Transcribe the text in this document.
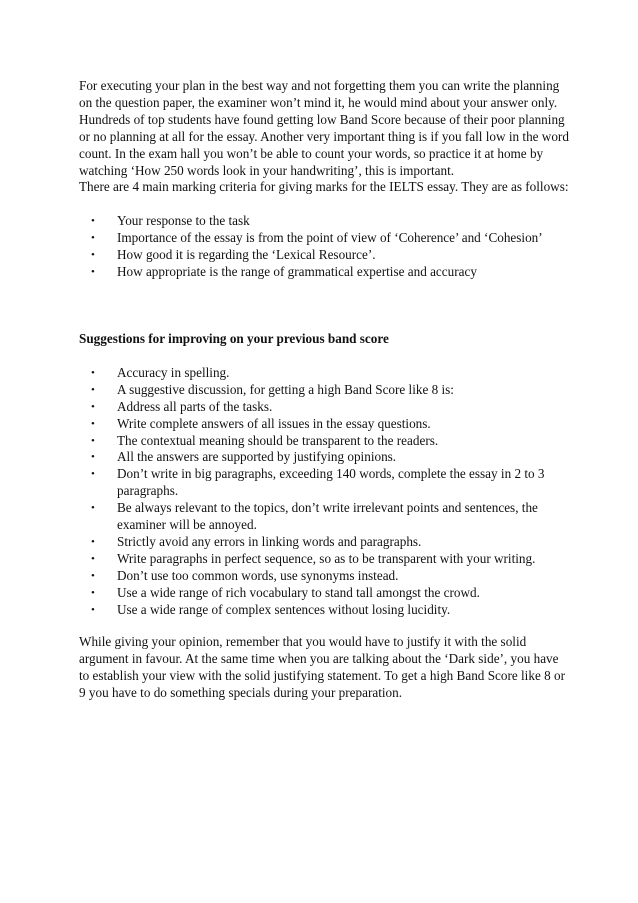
For executing your plan in the best way and not forgetting them you can write the planning on the question paper, the examiner won’t mind it, he would mind about your answer only. Hundreds of top students have found getting low Band Score because of their poor planning or no planning at all for the essay. Another very important thing is if you fall low in the word count. In the exam hall you won’t be able to count your words, so practice it at home by watching ‘How 250 words look in your handwriting’, this is important.

There are 4 main marking criteria for giving marks for the IELTS essay. They are as follows:

• Your response to the task
• Importance of the essay is from the point of view of ‘Coherence’ and ‘Cohesion’
• How good it is regarding the ‘Lexical Resource’.
• How appropriate is the range of grammatical expertise and accuracy

Suggestions for improving on your previous band score

• Accuracy in spelling.
• A suggestive discussion, for getting a high Band Score like 8 is:
• Address all parts of the tasks.
• Write complete answers of all issues in the essay questions.
• The contextual meaning should be transparent to the readers.
• All the answers are supported by justifying opinions.
• Don’t write in big paragraphs, exceeding 140 words, complete the essay in 2 to 3 paragraphs.
• Be always relevant to the topics, don’t write irrelevant points and sentences, the examiner will be annoyed.
• Strictly avoid any errors in linking words and paragraphs.
• Write paragraphs in perfect sequence, so as to be transparent with your writing.
• Don’t use too common words, use synonyms instead.
• Use a wide range of rich vocabulary to stand tall amongst the crowd.
• Use a wide range of complex sentences without losing lucidity.

While giving your opinion, remember that you would have to justify it with the solid argument in favour. At the same time when you are talking about the ‘Dark side’, you have to establish your view with the solid justifying statement. To get a high Band Score like 8 or 9 you have to do something specials during your preparation.
